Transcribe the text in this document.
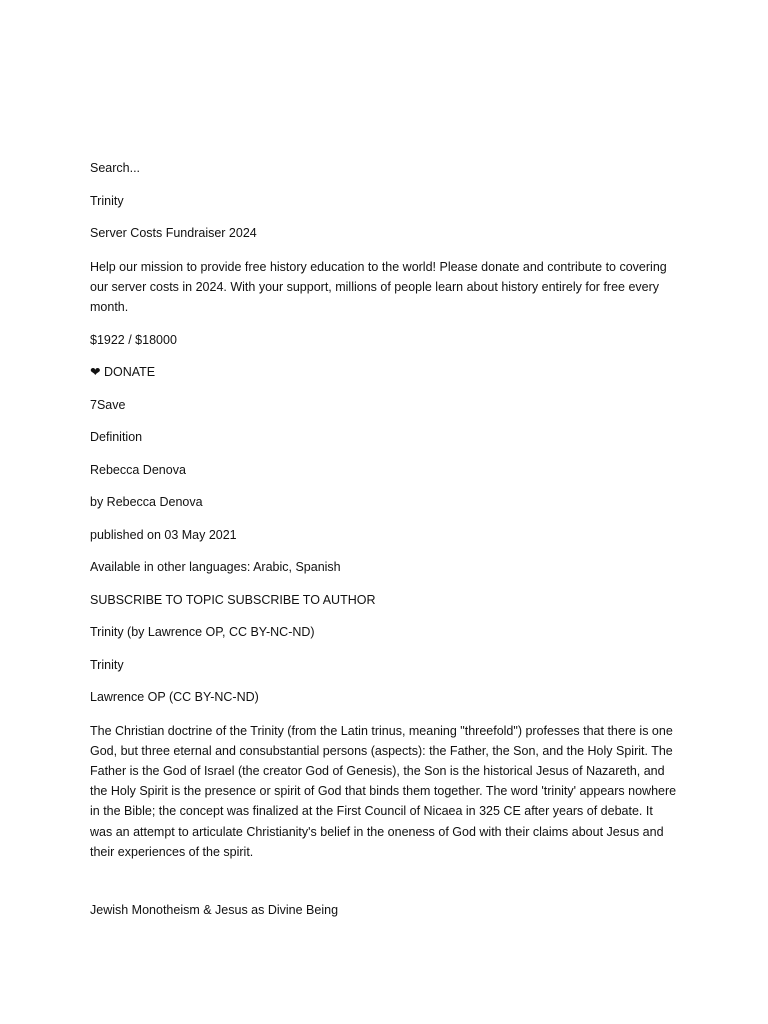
Search...

Trinity

Server Costs Fundraiser 2024

Help our mission to provide free history education to the world! Please donate and contribute to covering our server costs in 2024. With your support, millions of people learn about history entirely for free every month.

$1922 / $18000

❤ DONATE

7Save

Definition

Rebecca Denova

by Rebecca Denova

published on 03 May 2021

Available in other languages: Arabic, Spanish

SUBSCRIBE TO TOPIC SUBSCRIBE TO AUTHOR

Trinity (by Lawrence OP, CC BY-NC-ND)

Trinity

Lawrence OP (CC BY-NC-ND)

The Christian doctrine of the Trinity (from the Latin trinus, meaning "threefold") professes that there is one God, but three eternal and consubstantial persons (aspects): the Father, the Son, and the Holy Spirit. The Father is the God of Israel (the creator God of Genesis), the Son is the historical Jesus of Nazareth, and the Holy Spirit is the presence or spirit of God that binds them together. The word 'trinity' appears nowhere in the Bible; the concept was finalized at the First Council of Nicaea in 325 CE after years of debate. It was an attempt to articulate Christianity's belief in the oneness of God with their claims about Jesus and their experiences of the spirit.

Jewish Monotheism & Jesus as Divine Being
